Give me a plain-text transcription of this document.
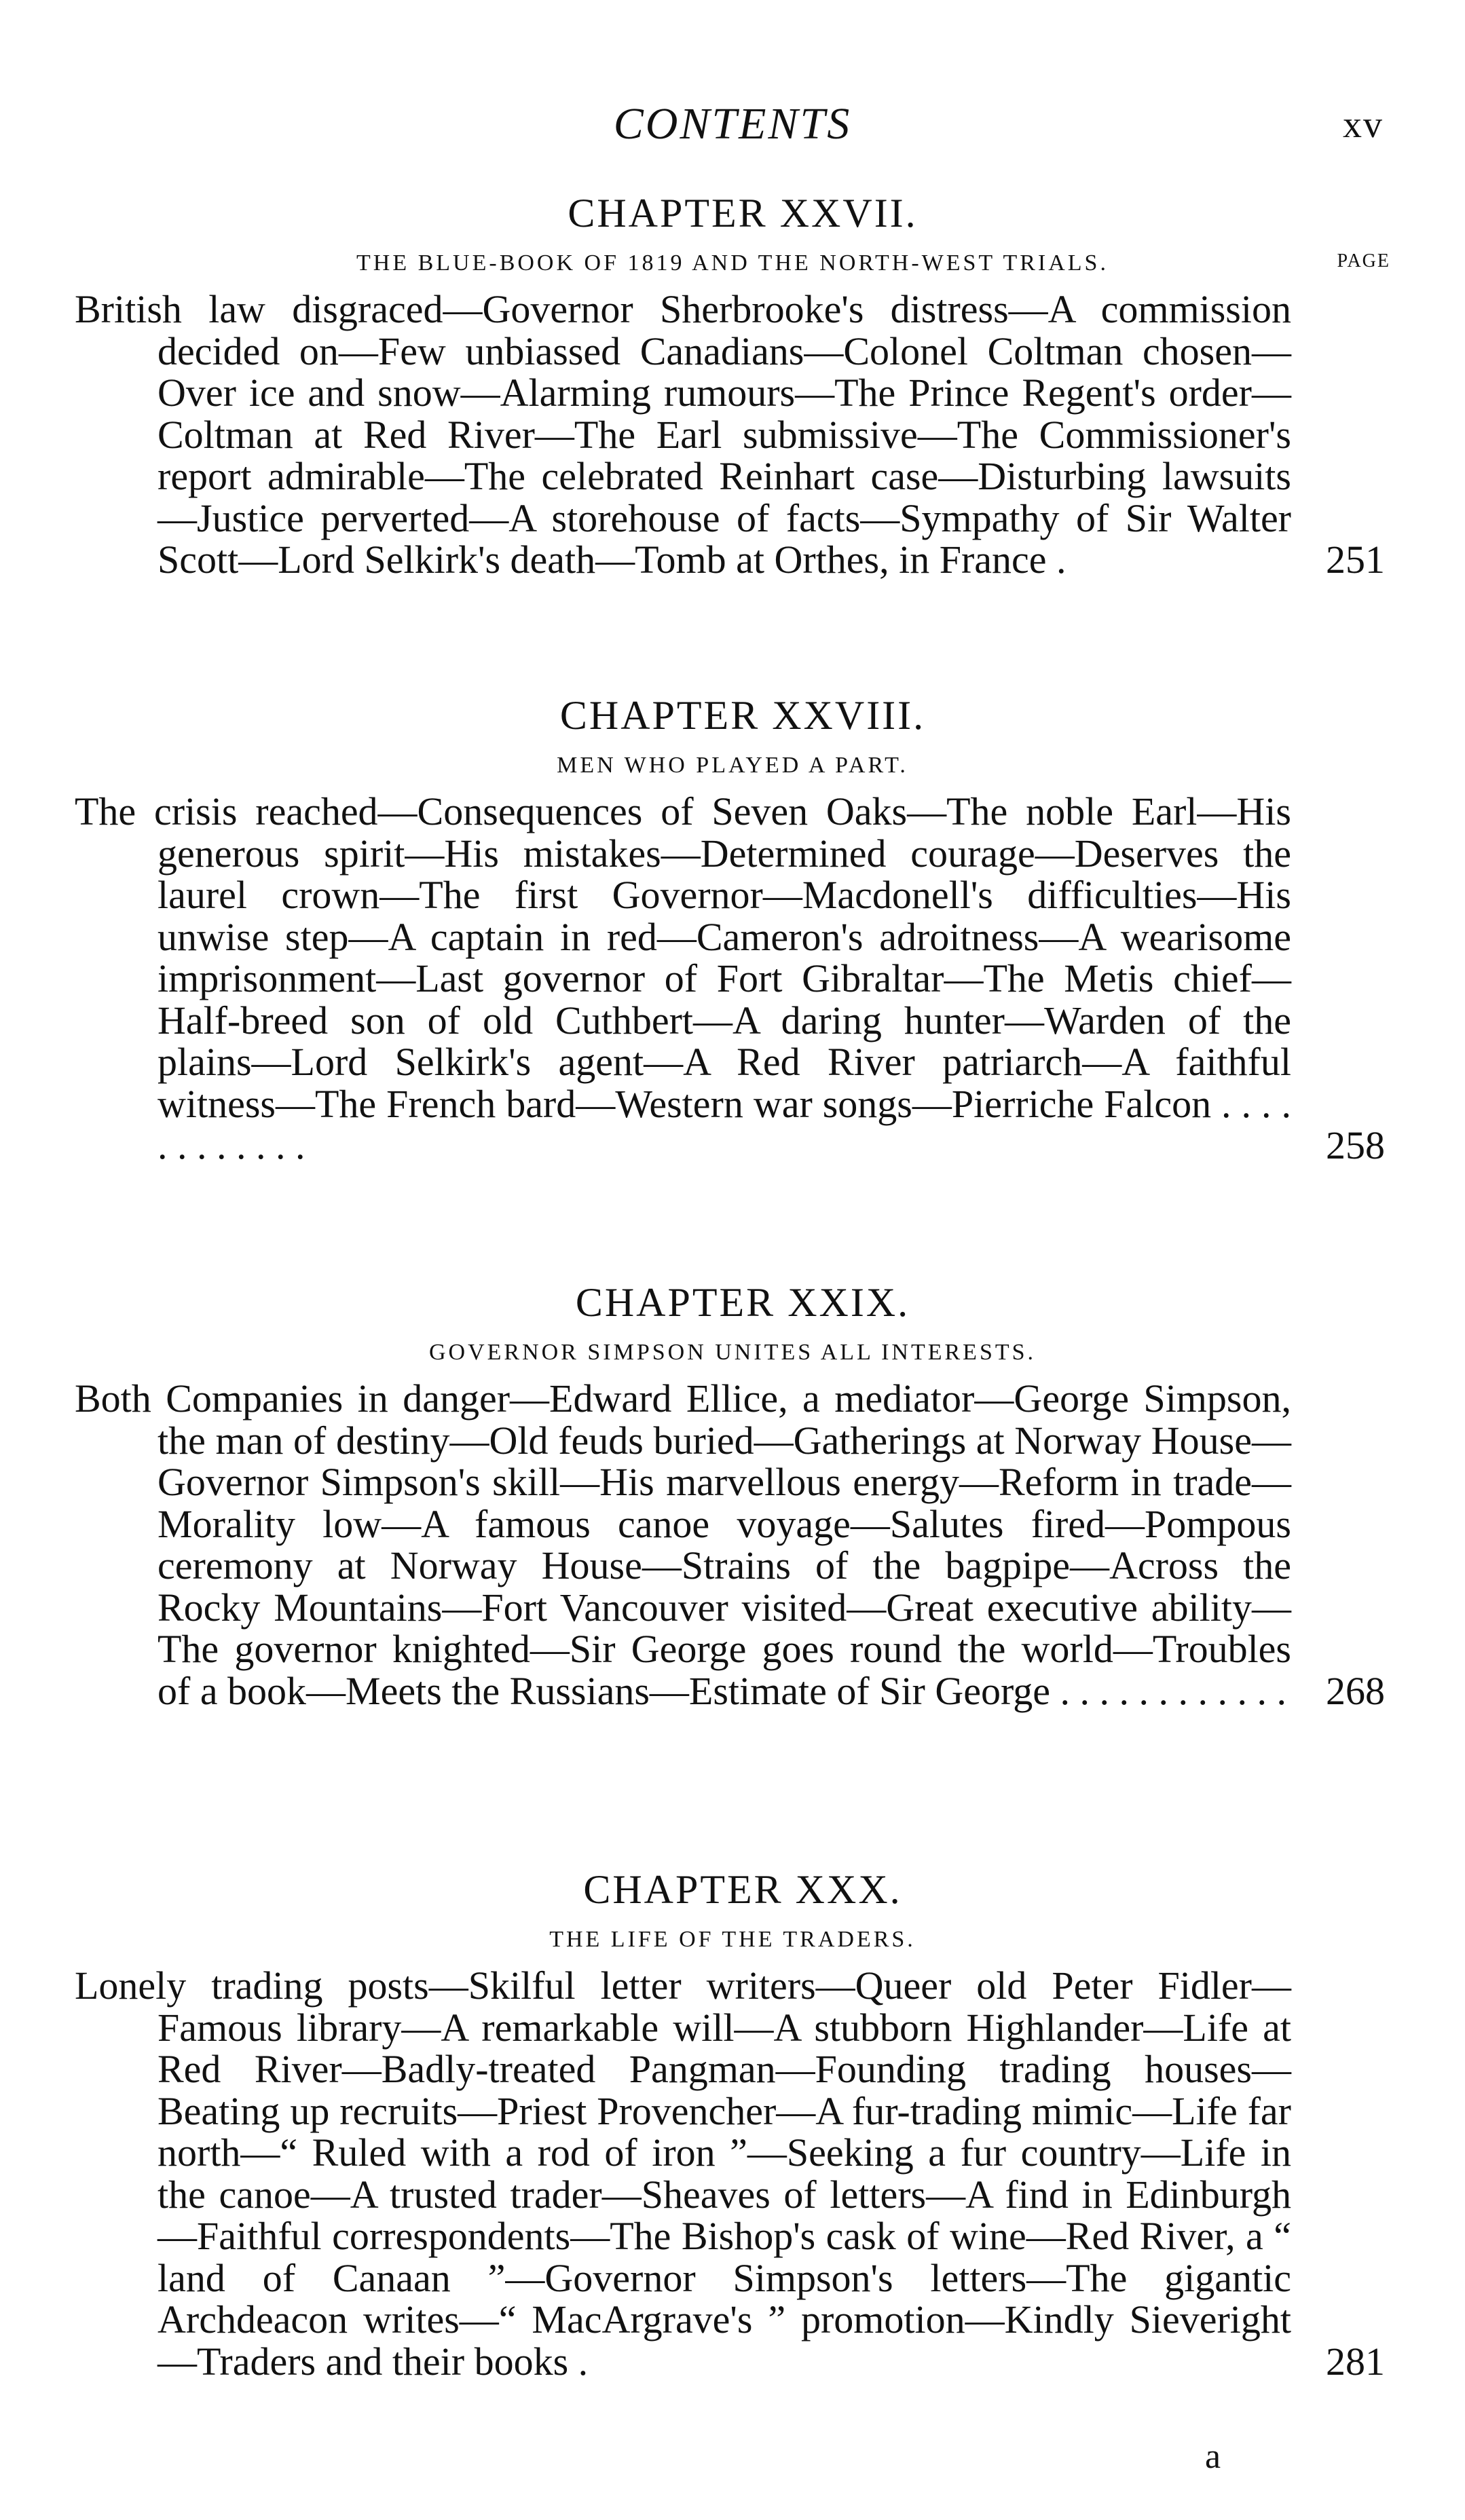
CONTENTS	xv
CHAPTER XXVII.
THE BLUE-BOOK OF 1819 AND THE NORTH-WEST TRIALS.	PAGE
British law disgraced—Governor Sherbrooke's distress—A commission decided on—Few unbiassed Canadians—Colonel Coltman chosen—Over ice and snow—Alarming rumours—The Prince Regent's order—Coltman at Red River—The Earl submissive—The Commissioner's report admirable—The celebrated Reinhart case—Disturbing lawsuits—Justice perverted—A storehouse of facts—Sympathy of Sir Walter Scott—Lord Selkirk's death—Tomb at Orthes, in France .	251
CHAPTER XXVIII.
MEN WHO PLAYED A PART.
The crisis reached—Consequences of Seven Oaks—The noble Earl—His generous spirit—His mistakes—Determined courage—Deserves the laurel crown—The first Governor—Macdonell's difficulties—His unwise step—A captain in red—Cameron's adroitness—A wearisome imprisonment—Last governor of Fort Gibraltar—The Metis chief—Half-breed son of old Cuthbert—A daring hunter—Warden of the plains—Lord Selkirk's agent—A Red River patriarch—A faithful witness—The French bard—Western war songs—Pierriche Falcon . . . . . . . . . . . .	258
CHAPTER XXIX.
GOVERNOR SIMPSON UNITES ALL INTERESTS.
Both Companies in danger—Edward Ellice, a mediator—George Simpson, the man of destiny—Old feuds buried—Gatherings at Norway House—Governor Simpson's skill—His marvellous energy—Reform in trade—Morality low—A famous canoe voyage—Salutes fired—Pompous ceremony at Norway House—Strains of the bagpipe—Across the Rocky Mountains—Fort Vancouver visited—Great executive ability—The governor knighted—Sir George goes round the world—Troubles of a book—Meets the Russians—Estimate of Sir George . . . . . . . . . . . . 268
CHAPTER XXX.
THE LIFE OF THE TRADERS.
Lonely trading posts—Skilful letter writers—Queer old Peter Fidler—Famous library—A remarkable will—A stubborn Highlander—Life at Red River—Badly-treated Pangman—Founding trading houses—Beating up recruits—Priest Provencher—A fur-trading mimic—Life far north—“ Ruled with a rod of iron ”—Seeking a fur country—Life in the canoe—A trusted trader—Sheaves of letters—A find in Edinburgh—Faithful correspondents—The Bishop's cask of wine—Red River, a “ land of Canaan ”—Governor Simpson's letters—The gigantic Archdeacon writes—“ MacArgrave's ” promotion—Kindly Sieveright—Traders and their books .	281
a
